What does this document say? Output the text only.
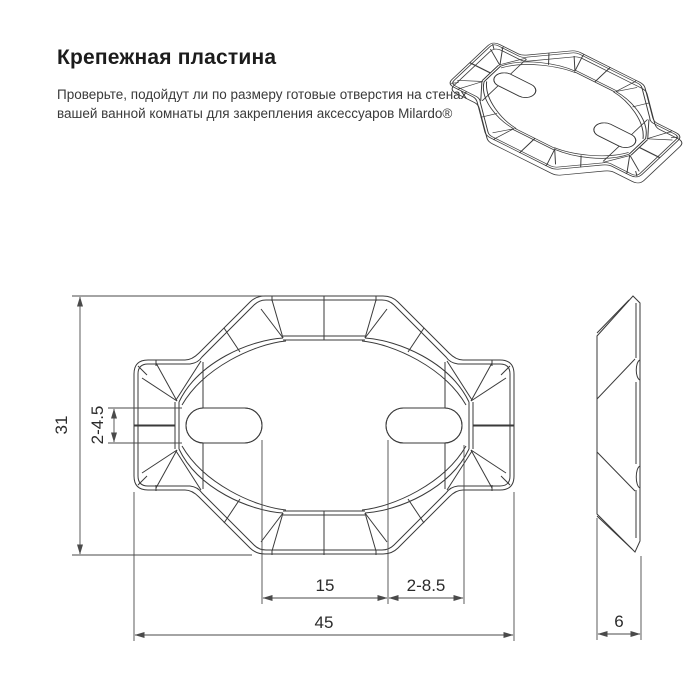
Крепежная пластина
Проверьте, подойдут ли по размеру готовые отверстия на стенах
вашей ванной комнаты для закрепления аксессуаров Milardo®
31 2-4.5
15	2-8.5
45	6
